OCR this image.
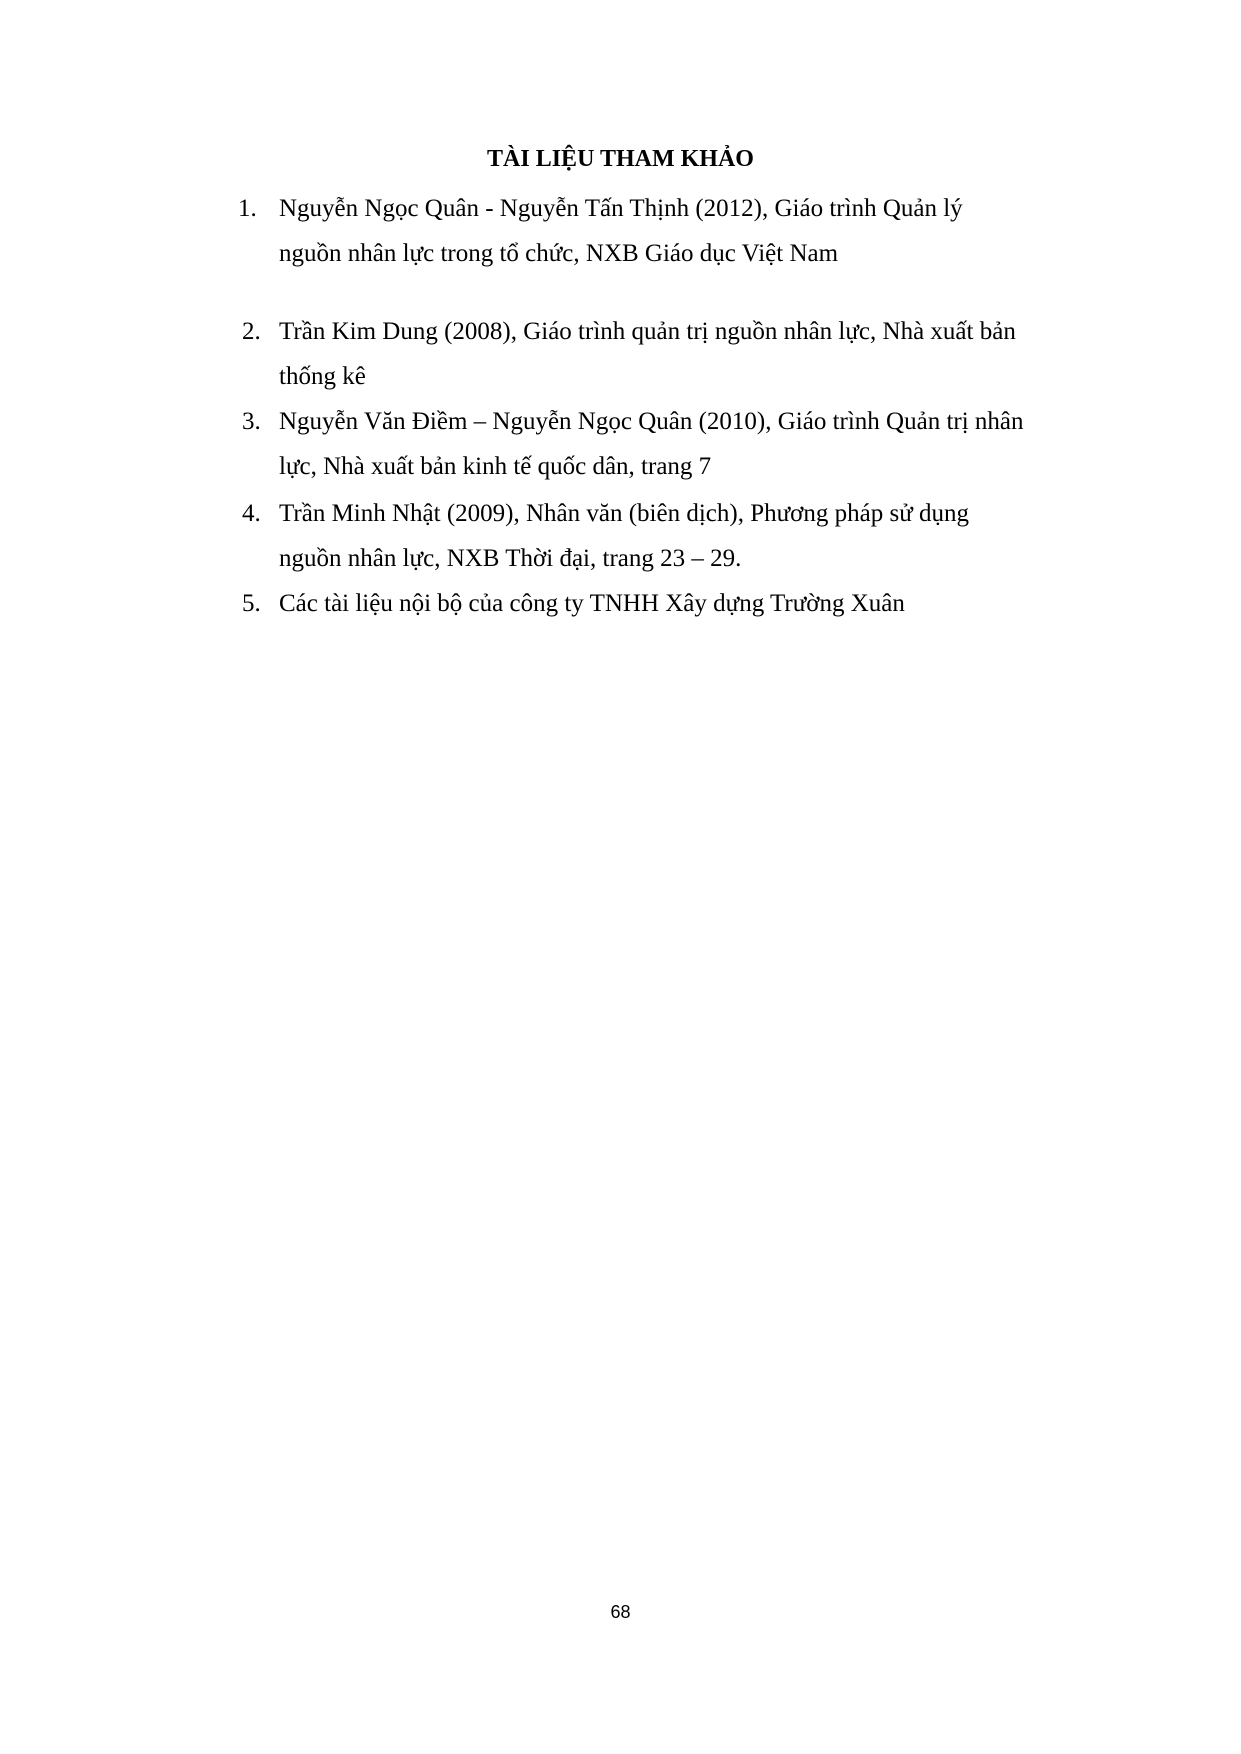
TÀI LIỆU THAM KHẢO
1. Nguyễn Ngọc Quân - Nguyễn Tấn Thịnh (2012), Giáo trình Quản lý
nguồn nhân lực trong tổ chức, NXB Giáo dục Việt Nam
2. Trần Kim Dung (2008), Giáo trình quản trị nguồn nhân lực, Nhà xuất bản
thống kê
3. Nguyễn Văn Điềm – Nguyễn Ngọc Quân (2010), Giáo trình Quản trị nhân
lực, Nhà xuất bản kinh tế quốc dân, trang 7
4. Trần Minh Nhật (2009), Nhân văn (biên dịch), Phương pháp sử dụng
nguồn nhân lực, NXB Thời đại, trang 23 – 29.
5. Các tài liệu nội bộ của công ty TNHH Xây dựng Trường Xuân
68
